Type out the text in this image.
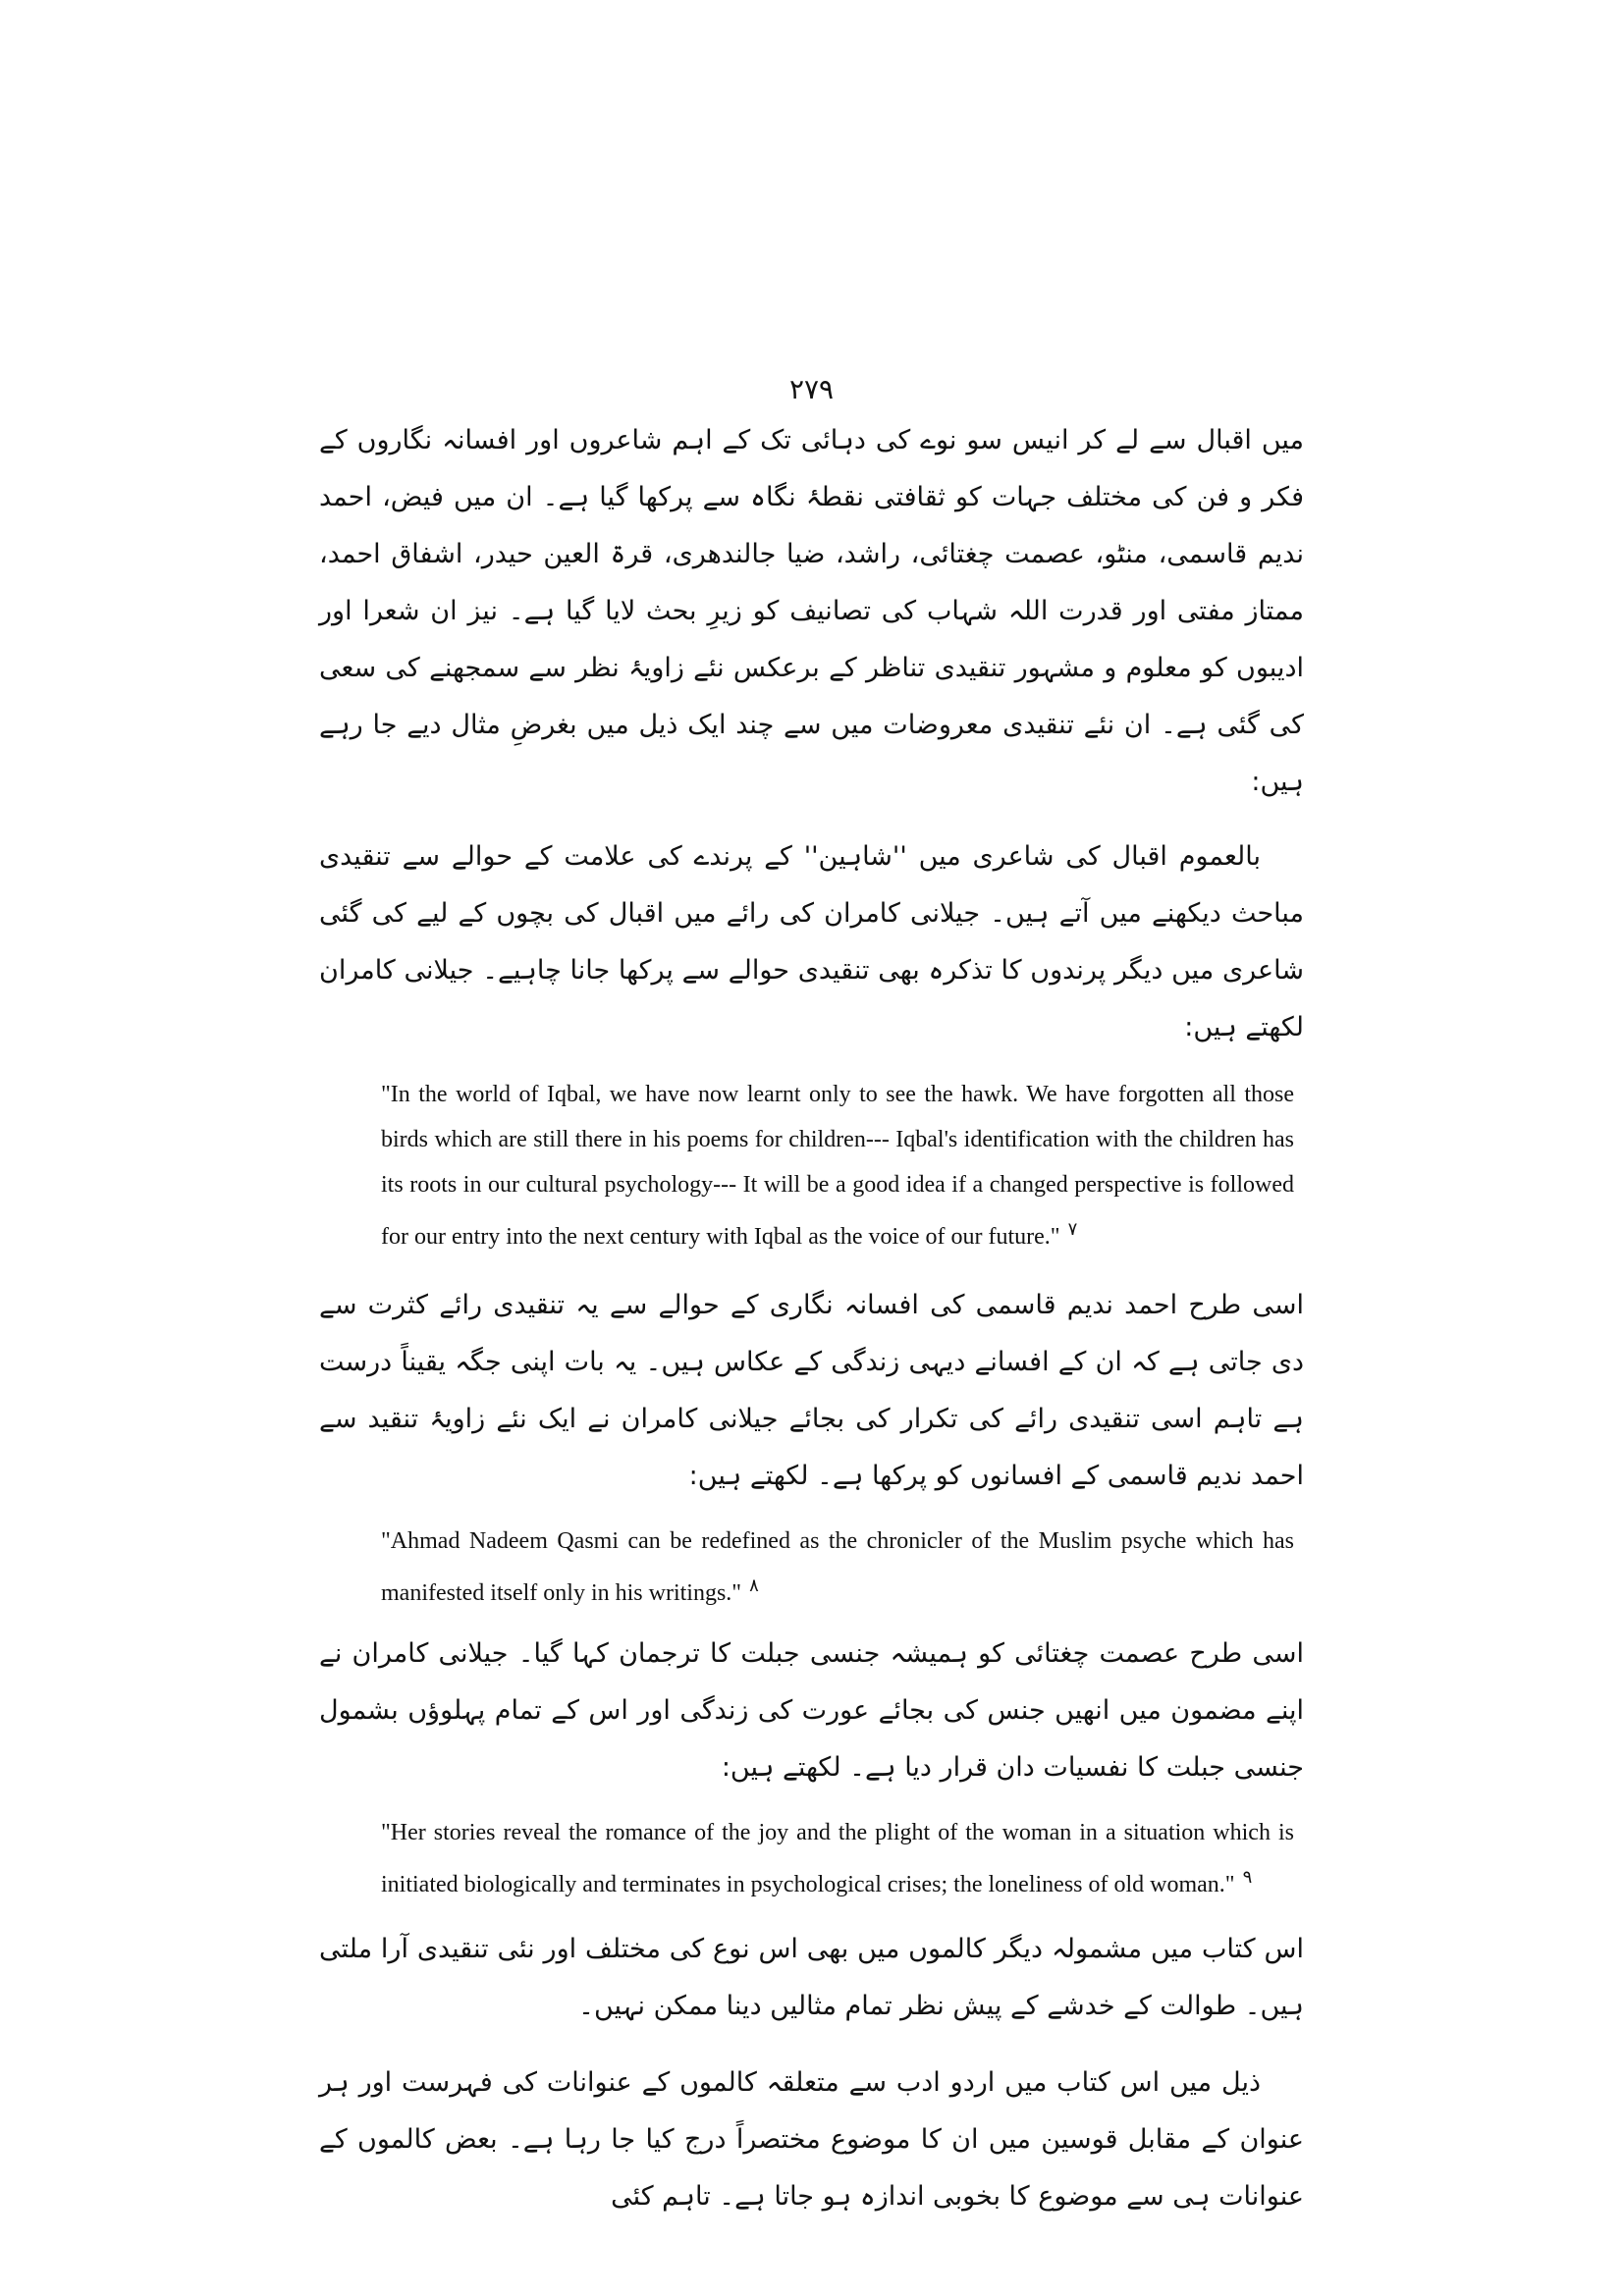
۲۷۹

میں اقبال سے لے کر انیس سو نوے کی دہائی تک کے اہم شاعروں اور افسانہ نگاروں کے فکر و فن کی مختلف جہات کو ثقافتی نقطۂ نگاہ سے پرکھا گیا ہے۔ ان میں فیض، احمد ندیم قاسمی، منٹو، عصمت چغتائی، راشد، ضیا جالندھری، قرۃ العین حیدر، اشفاق احمد، ممتاز مفتی اور قدرت اللہ شہاب کی تصانیف کو زیرِ بحث لایا گیا ہے۔ نیز ان شعرا اور ادیبوں کو معلوم و مشہور تنقیدی تناظر کے برعکس نئے زاویۂ نظر سے سمجھنے کی سعی کی گئی ہے۔ ان نئے تنقیدی معروضات میں سے چند ایک ذیل میں بغرضِ مثال دیے جا رہے ہیں:

بالعموم اقبال کی شاعری میں ''شاہین'' کے پرندے کی علامت کے حوالے سے تنقیدی مباحث دیکھنے میں آتے ہیں۔ جیلانی کامران کی رائے میں اقبال کی بچوں کے لیے کی گئی شاعری میں دیگر پرندوں کا تذکرہ بھی تنقیدی حوالے سے پرکھا جانا چاہیے۔ جیلانی کامران لکھتے ہیں:

"In the world of Iqbal, we have now learnt only to see the hawk. We have forgotten all those birds which are still there in his poems for children--- Iqbal's identification with the children has its roots in our cultural psychology--- It will be a good idea if a changed perspective is followed for our entry into the next century with Iqbal as the voice of our future." $^۷$

اسی طرح احمد ندیم قاسمی کی افسانہ نگاری کے حوالے سے یہ تنقیدی رائے کثرت سے دی جاتی ہے کہ ان کے افسانے دیہی زندگی کے عکاس ہیں۔ یہ بات اپنی جگہ یقیناً درست ہے تاہم اسی تنقیدی رائے کی تکرار کی بجائے جیلانی کامران نے ایک نئے زاویۂ تنقید سے احمد ندیم قاسمی کے افسانوں کو پرکھا ہے۔ لکھتے ہیں:

"Ahmad Nadeem Qasmi can be redefined as the chronicler of the Muslim psyche which has manifested itself only in his writings." $^۸$

اسی طرح عصمت چغتائی کو ہمیشہ جنسی جبلت کا ترجمان کہا گیا۔ جیلانی کامران نے اپنے مضمون میں انھیں جنس کی بجائے عورت کی زندگی اور اس کے تمام پہلوؤں بشمول جنسی جبلت کا نفسیات دان قرار دیا ہے۔ لکھتے ہیں:

"Her stories reveal the romance of the joy and the plight of the woman in a situation which is initiated biologically and terminates in psychological crises; the loneliness of old woman." $^۹$

اس کتاب میں مشمولہ دیگر کالموں میں بھی اس نوع کی مختلف اور نئی تنقیدی آرا ملتی ہیں۔ طوالت کے خدشے کے پیش نظر تمام مثالیں دینا ممکن نہیں۔

ذیل میں اس کتاب میں اردو ادب سے متعلقہ کالموں کے عنوانات کی فہرست اور ہر عنوان کے مقابل قوسین میں ان کا موضوع مختصراً درج کیا جا رہا ہے۔ بعض کالموں کے عنوانات ہی سے موضوع کا بخوبی اندازہ ہو جاتا ہے۔ تاہم کئی
